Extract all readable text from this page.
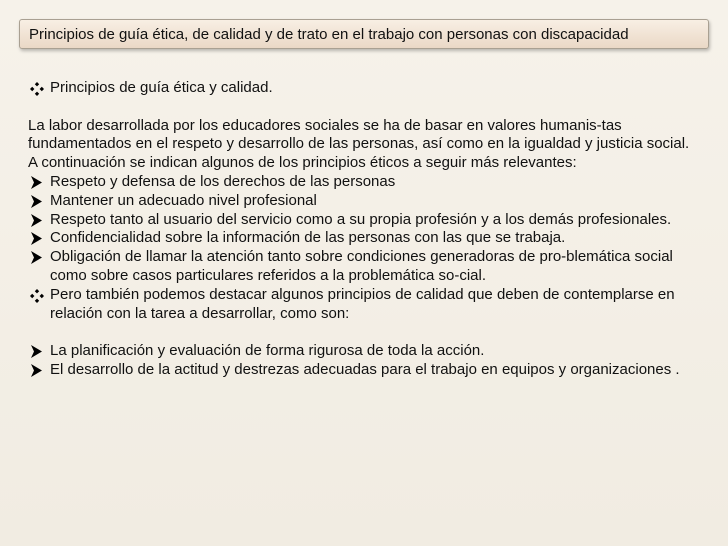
Principios de guía ética, de calidad y de trato en el trabajo con personas con discapacidad
Principios de guía ética y calidad.

La labor desarrollada por los educadores sociales se ha de basar en valores humanis-tas fundamentados en el respeto y desarrollo de las personas, así como en la igualdad y justicia social.

A continuación se indican algunos de los principios éticos a seguir más relevantes:

Respeto y defensa de los derechos de las personas
Mantener un adecuado nivel profesional
Respeto tanto al usuario del servicio como a su propia profesión y a los demás profesionales.
Confidencialidad sobre la información de las personas con las que se trabaja.
Obligación de llamar la atención tanto sobre condiciones generadoras de pro-blemática social como sobre casos particulares referidos a la problemática so-cial.
Pero también podemos destacar algunos principios de calidad que deben de contemplarse en relación con la tarea a desarrollar, como son:
La planificación y evaluación de forma rigurosa de toda la acción.
El desarrollo de la actitud y destrezas adecuadas para el trabajo en equipos y organizaciones .
